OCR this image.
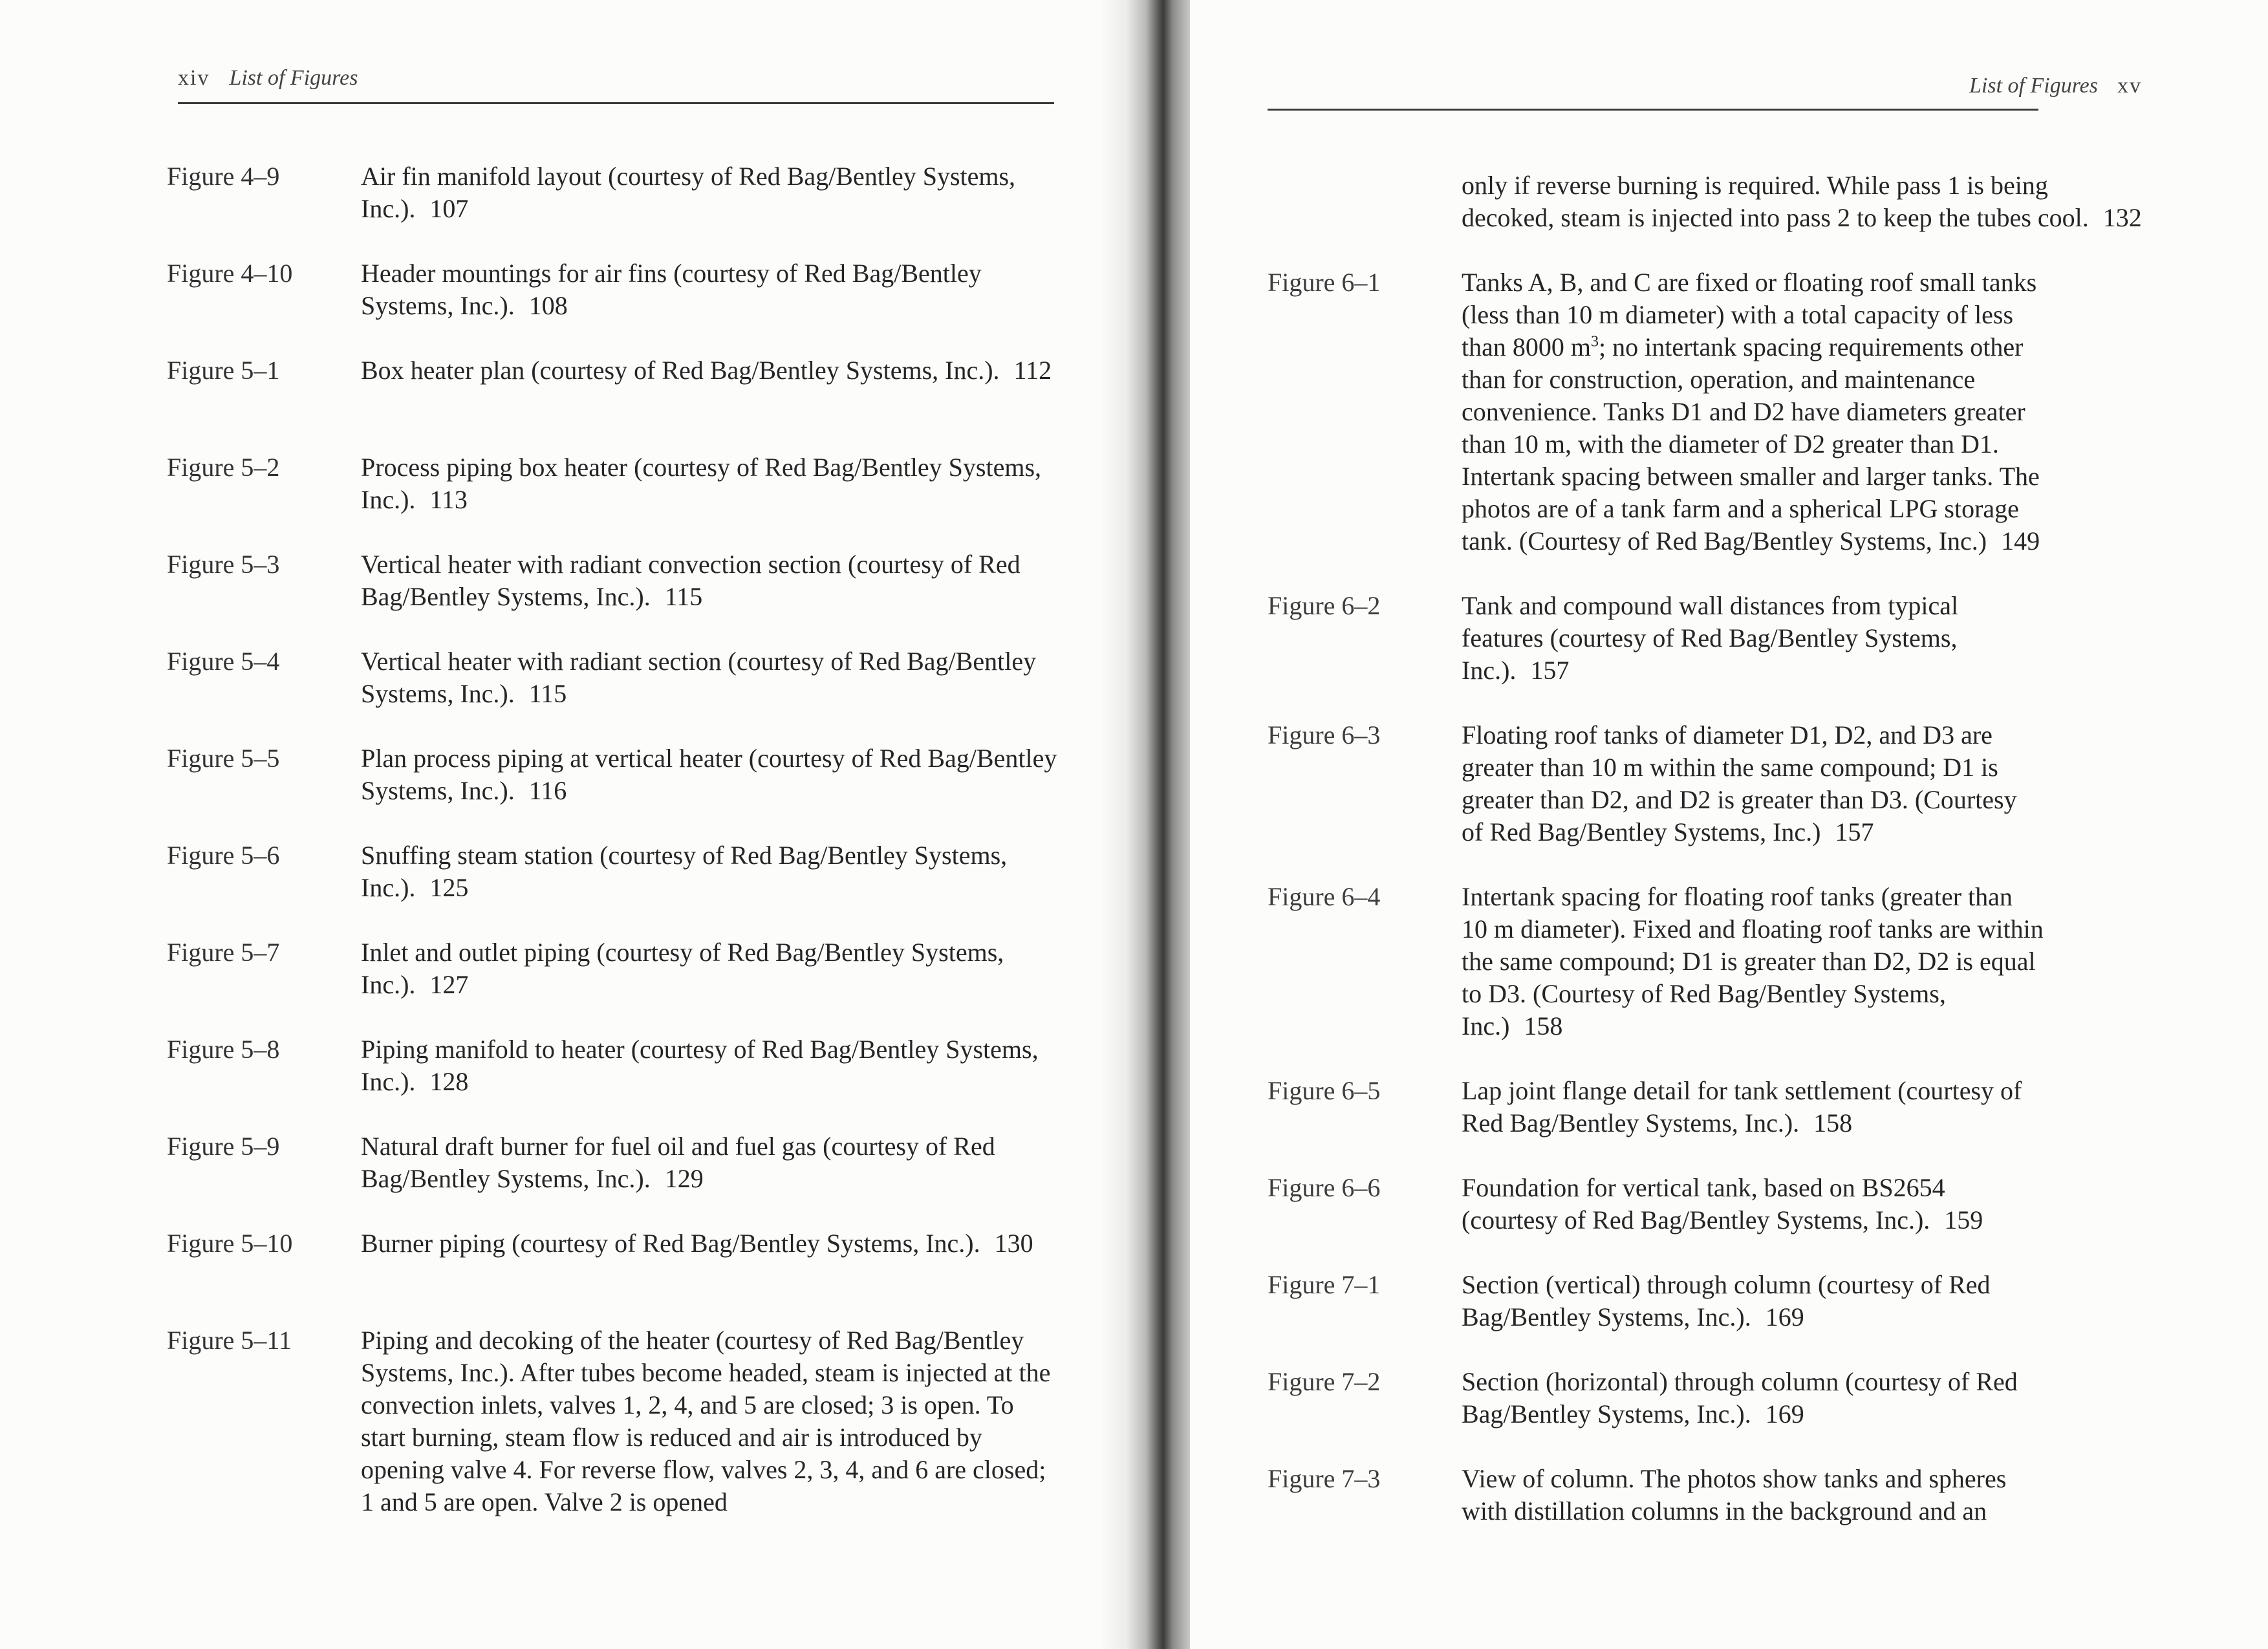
xiv List of Figures
Figure 4–9	Air fin manifold layout (courtesy of Red Bag/Bentley Systems, Inc.). 107
Figure 4–10	Header mountings for air fins (courtesy of Red Bag/Bentley Systems, Inc.). 108
Figure 5–1	Box heater plan (courtesy of Red Bag/Bentley Systems, Inc.). 112
Figure 5–2	Process piping box heater (courtesy of Red Bag/Bentley Systems, Inc.). 113
Figure 5–3	Vertical heater with radiant convection section (courtesy of Red Bag/Bentley Systems, Inc.). 115
Figure 5–4	Vertical heater with radiant section (courtesy of Red Bag/Bentley Systems, Inc.). 115
Figure 5–5	Plan process piping at vertical heater (courtesy of Red Bag/Bentley Systems, Inc.). 116
Figure 5–6	Snuffing steam station (courtesy of Red Bag/Bentley Systems, Inc.). 125
Figure 5–7	Inlet and outlet piping (courtesy of Red Bag/Bentley Systems, Inc.). 127
Figure 5–8	Piping manifold to heater (courtesy of Red Bag/Bentley Systems, Inc.). 128
Figure 5–9	Natural draft burner for fuel oil and fuel gas (courtesy of Red Bag/Bentley Systems, Inc.). 129
Figure 5–10	Burner piping (courtesy of Red Bag/Bentley Systems, Inc.). 130
Figure 5–11	Piping and decoking of the heater (courtesy of Red Bag/Bentley Systems, Inc.). After tubes become headed, steam is injected at the convection inlets, valves 1, 2, 4, and 5 are closed; 3 is open. To start burning, steam flow is reduced and air is introduced by opening valve 4. For reverse flow, valves 2, 3, 4, and 6 are closed; 1 and 5 are open. Valve 2 is opened
List of Figures xv
only if reverse burning is required. While pass 1 is being decoked, steam is injected into pass 2 to keep the tubes cool. 132
Figure 6–1	Tanks A, B, and C are fixed or floating roof small tanks (less than 10 m diameter) with a total capacity of less than 8000 $m^3$; no intertank spacing requirements other than for construction, operation, and maintenance convenience. Tanks D1 and D2 have diameters greater than 10 m, with the diameter of D2 greater than D1. Intertank spacing between smaller and larger tanks. The photos are of a tank farm and a spherical LPG storage tank. (Courtesy of Red Bag/Bentley Systems, Inc.) 149
Figure 6–2	Tank and compound wall distances from typical features (courtesy of Red Bag/Bentley Systems, Inc.). 157
Figure 6–3	Floating roof tanks of diameter D1, D2, and D3 are greater than 10 m within the same compound; D1 is greater than D2, and D2 is greater than D3. (Courtesy of Red Bag/Bentley Systems, Inc.) 157
Figure 6–4	Intertank spacing for floating roof tanks (greater than 10 m diameter). Fixed and floating roof tanks are within the same compound; D1 is greater than D2, D2 is equal to D3. (Courtesy of Red Bag/Bentley Systems, Inc.) 158
Figure 6–5	Lap joint flange detail for tank settlement (courtesy of Red Bag/Bentley Systems, Inc.). 158
Figure 6–6	Foundation for vertical tank, based on BS2654 (courtesy of Red Bag/Bentley Systems, Inc.). 159
Figure 7–1	Section (vertical) through column (courtesy of Red Bag/Bentley Systems, Inc.). 169
Figure 7–2	Section (horizontal) through column (courtesy of Red Bag/Bentley Systems, Inc.). 169
Figure 7–3	View of column. The photos show tanks and spheres with distillation columns in the background and an
